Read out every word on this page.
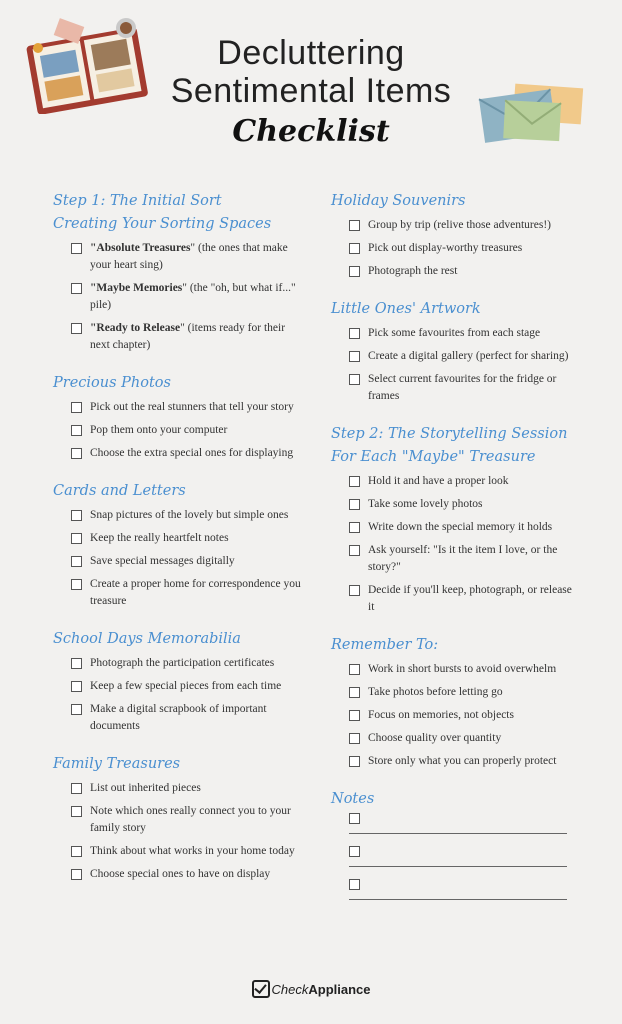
Decluttering
Sentimental Items
Checklist
Step 1: The Initial Sort
Creating Your Sorting Spaces
"Absolute Treasures" (the ones that make your heart sing)
"Maybe Memories" (the "oh, but what if..." pile)
"Ready to Release" (items ready for their next chapter)
Precious Photos
Pick out the real stunners that tell your story
Pop them onto your computer
Choose the extra special ones for displaying
Cards and Letters
Snap pictures of the lovely but simple ones
Keep the really heartfelt notes
Save special messages digitally
Create a proper home for correspondence you treasure
School Days Memorabilia
Photograph the participation certificates
Keep a few special pieces from each time
Make a digital scrapbook of important documents
Family Treasures
List out inherited pieces
Note which ones really connect you to your family story
Think about what works in your home today
Choose special ones to have on display
Holiday Souvenirs
Group by trip (relive those adventures!)
Pick out display-worthy treasures
Photograph the rest
Little Ones' Artwork
Pick some favourites from each stage
Create a digital gallery (perfect for sharing)
Select current favourites for the fridge or frames
Step 2: The Storytelling Session
For Each "Maybe" Treasure
Hold it and have a proper look
Take some lovely photos
Write down the special memory it holds
Ask yourself: "Is it the item I love, or the story?"
Decide if you'll keep, photograph, or release it
Remember To:
Work in short bursts to avoid overwhelm
Take photos before letting go
Focus on memories, not objects
Choose quality over quantity
Store only what you can properly protect
Notes
CheckAppliance
